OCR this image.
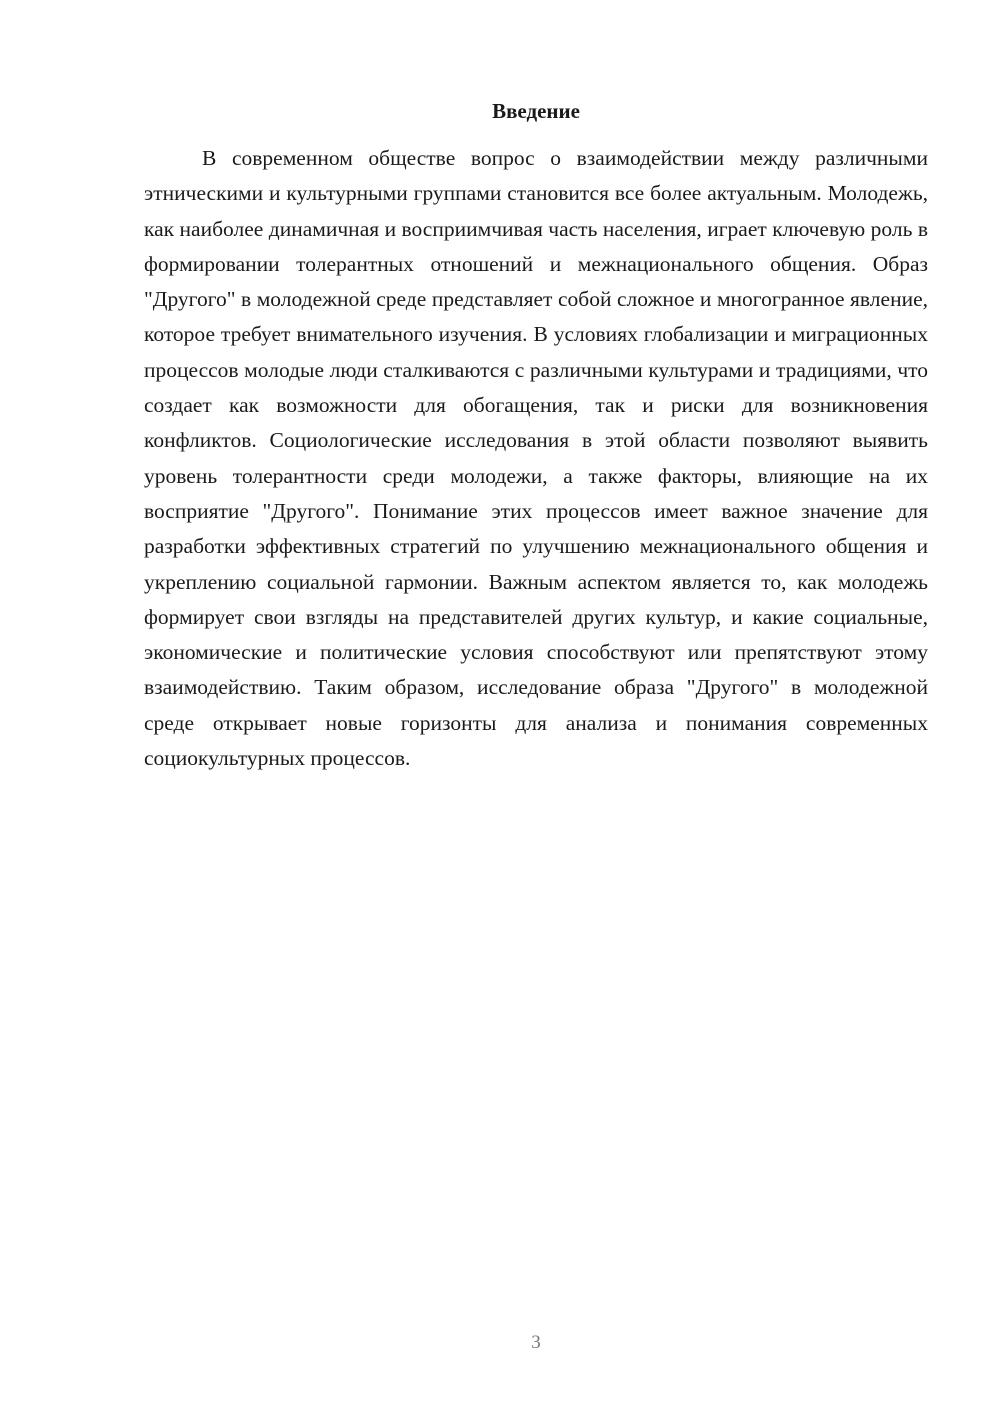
Введение

В современном обществе вопрос о взаимодействии между различными этническими и культурными группами становится все более актуальным. Молодежь, как наиболее динамичная и восприимчивая часть населения, играет ключевую роль в формировании толерантных отношений и межнационального общения. Образ "Другого" в молодежной среде представляет собой сложное и многогранное явление, которое требует внимательного изучения. В условиях глобализации и миграционных процессов молодые люди сталкиваются с различными культурами и традициями, что создает как возможности для обогащения, так и риски для возникновения конфликтов. Социологические исследования в этой области позволяют выявить уровень толерантности среди молодежи, а также факторы, влияющие на их восприятие "Другого". Понимание этих процессов имеет важное значение для разработки эффективных стратегий по улучшению межнационального общения и укреплению социальной гармонии. Важным аспектом является то, как молодежь формирует свои взгляды на представителей других культур, и какие социальные, экономические и политические условия способствуют или препятствуют этому взаимодействию. Таким образом, исследование образа "Другого" в молодежной среде открывает новые горизонты для анализа и понимания современных социокультурных процессов.

3
